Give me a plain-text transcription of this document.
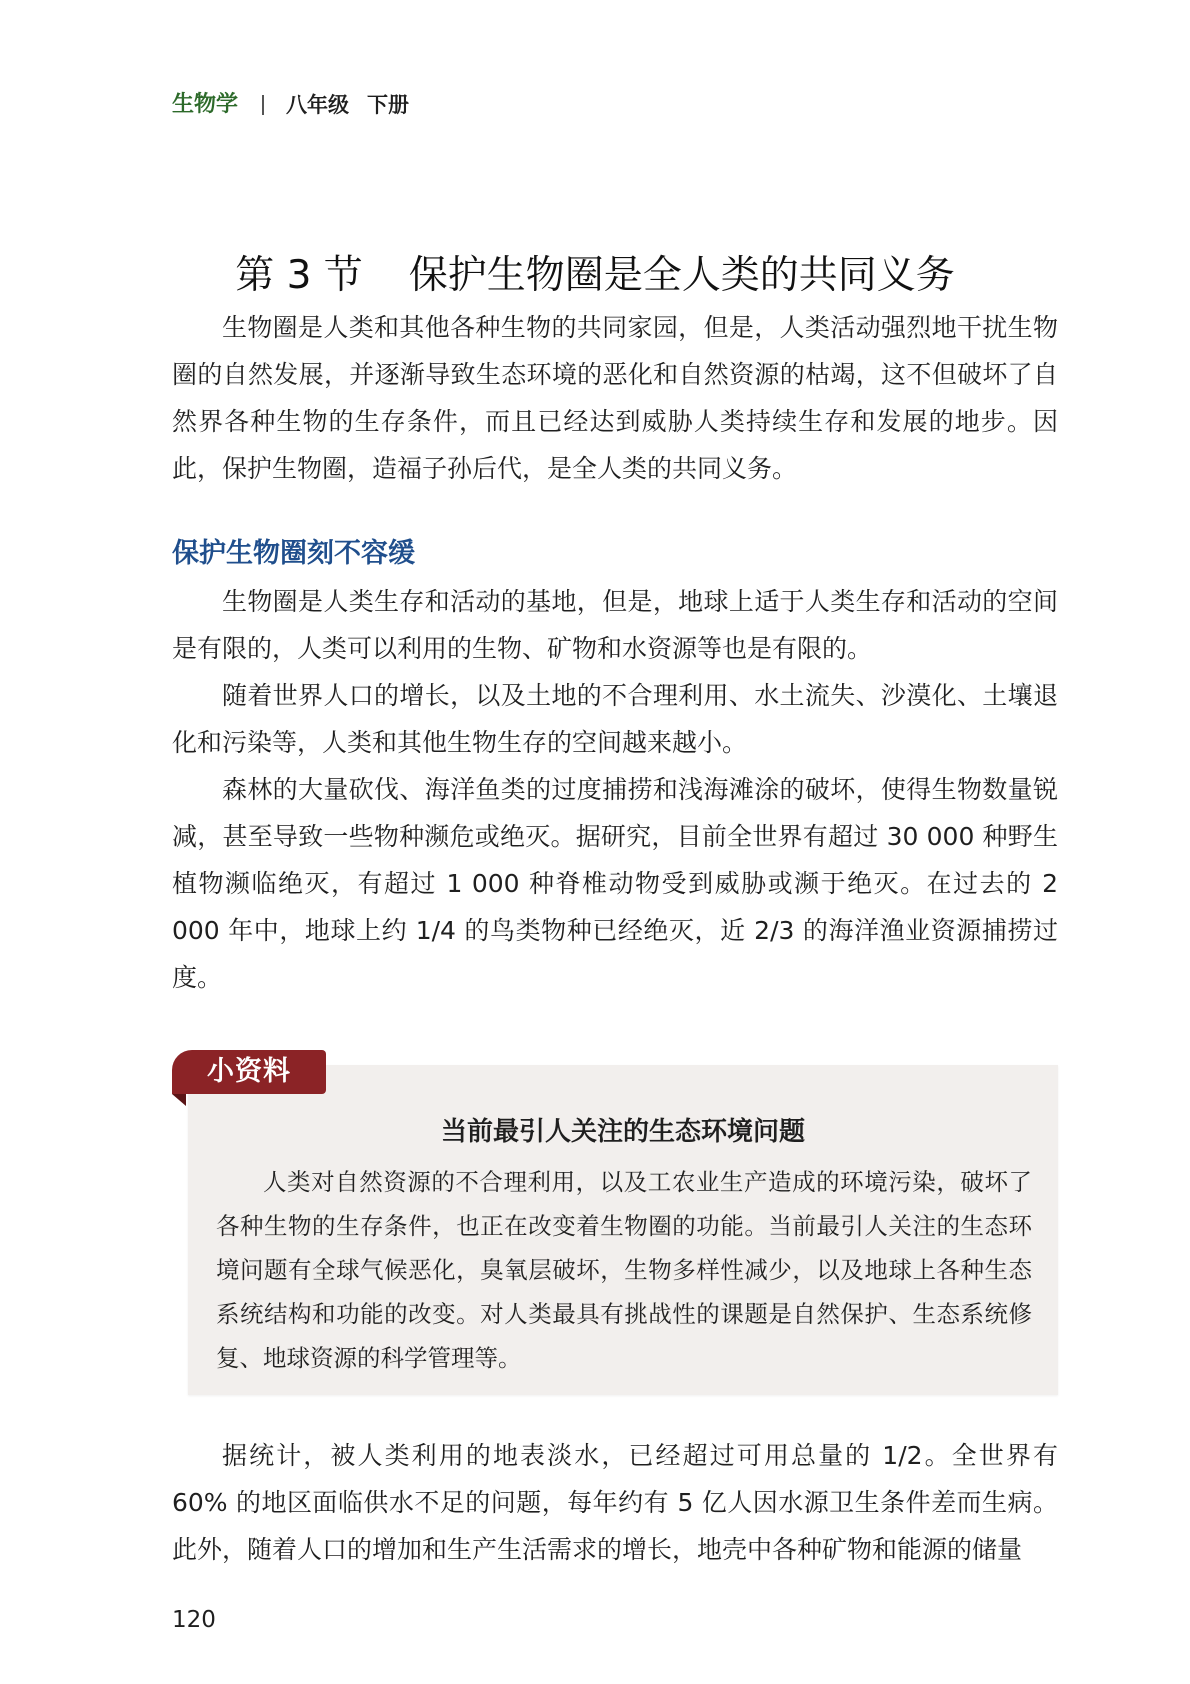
生物学 八年级 下册
第 3 节 保护生物圈是全人类的共同义务

生物圈是人类和其他各种生物的共同家园，但是，人类活动强烈地干扰生物圈的自然发展，并逐渐导致生态环境的恶化和自然资源的枯竭，这不但破坏了自然界各种生物的生存条件，而且已经达到威胁人类持续生存和发展的地步。因此，保护生物圈，造福子孙后代，是全人类的共同义务。

保护生物圈刻不容缓

生物圈是人类生存和活动的基地，但是，地球上适于人类生存和活动的空间是有限的，人类可以利用的生物、矿物和水资源等也是有限的。

随着世界人口的增长，以及土地的不合理利用、水土流失、沙漠化、土壤退化和污染等，人类和其他生物生存的空间越来越小。

森林的大量砍伐、海洋鱼类的过度捕捞和浅海滩涂的破坏，使得生物数量锐减，甚至导致一些物种濒危或绝灭。据研究，目前全世界有超过 30 000 种野生植物濒临绝灭，有超过 1 000 种脊椎动物受到威胁或濒于绝灭。在过去的 2 000 年中，地球上约 1/4 的鸟类物种已经绝灭，近 2/3 的海洋渔业资源捕捞过度。

小资料
当前最引人关注的生态环境问题

人类对自然资源的不合理利用，以及工农业生产造成的环境污染，破坏了各种生物的生存条件，也正在改变着生物圈的功能。当前最引人关注的生态环境问题有全球气候恶化，臭氧层破坏，生物多样性减少，以及地球上各种生态系统结构和功能的改变。对人类最具有挑战性的课题是自然保护、生态系统修复、地球资源的科学管理等。

据统计，被人类利用的地表淡水，已经超过可用总量的 1/2。全世界有 60% 的地区面临供水不足的问题，每年约有 5 亿人因水源卫生条件差而生病。此外，随着人口的增加和生产生活需求的增长，地壳中各种矿物和能源的储量

120
